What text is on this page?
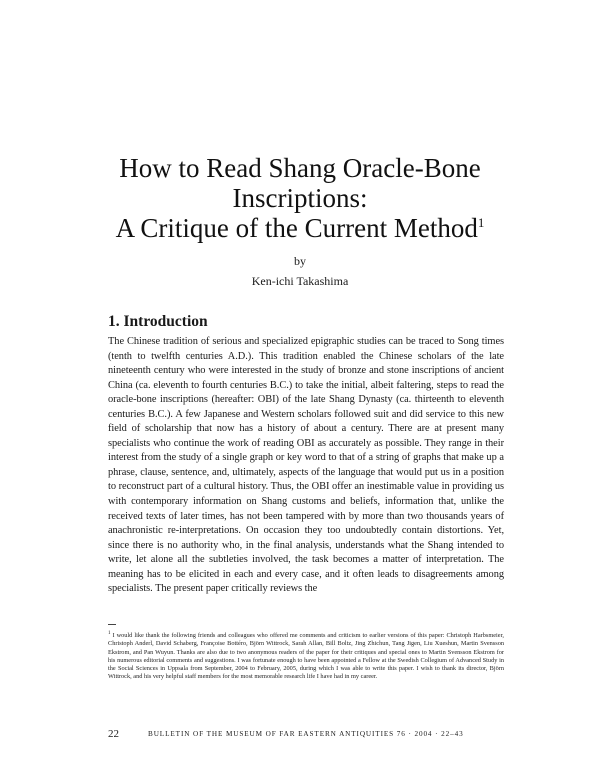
How to Read Shang Oracle-Bone
Inscriptions:
A Critique of the Current Method$^1$
by
Ken-ichi Takashima
1. Introduction
The Chinese tradition of serious and specialized epigraphic studies can be traced to Song times (tenth to twelfth centuries A.D.). This tradition enabled the Chinese scholars of the late nineteenth century who were interested in the study of bronze and stone inscriptions of ancient China (ca. eleventh to fourth centuries B.C.) to take the initial, albeit faltering, steps to read the oracle-bone inscriptions (hereafter: OBI) of the late Shang Dynasty (ca. thirteenth to eleventh centuries B.C.). A few Japanese and Western scholars followed suit and did service to this new field of scholarship that now has a history of about a century. There are at present many specialists who continue the work of reading OBI as accurately as possible. They range in their interest from the study of a single graph or key word to that of a string of graphs that make up a phrase, clause, sentence, and, ultimately, aspects of the language that would put us in a position to reconstruct part of a cultural history. Thus, the OBI offer an inestimable value in providing us with contemporary information on Shang customs and beliefs, information that, unlike the received texts of later times, has not been tampered with by more than two thousands years of anachronistic re-interpretations. On occasion they too undoubtedly contain distortions. Yet, since there is no authority who, in the final analysis, understands what the Shang intended to write, let alone all the subtleties involved, the task becomes a matter of interpretation. The meaning has to be elicited in each and every case, and it often leads to disagreements among specialists. The present paper critically reviews the
$^1$ I would like thank the following friends and colleagues who offered me comments and criticism to earlier versions of this paper: Christoph Harbsmeier, Christoph Anderl, David Schaberg, Françoise Bottéro, Björn Wittrock, Sarah Allan, Bill Boltz, Jing Zhichun, Tang Jigen, Liu Xueshun, Martin Svensson Ekstrom, and Pan Wuyun. Thanks are also due to two anonymous readers of the paper for their critiques and special ones to Martin Svensson Ekstrom for his numerous editorial comments and suggestions. I was fortunate enough to have been appointed a Fellow at the Swedish Collegium of Advanced Study in the Social Sciences in Uppsala from September, 2004 to February, 2005, during which I was able to write this paper. I wish to thank its director, Björn Wittrock, and his very helpful staff members for the most memorable research life I have had in my career.
22	BULLETIN OF THE MUSEUM OF FAR EASTERN ANTIQUITIES 76 · 2004 · 22–43
